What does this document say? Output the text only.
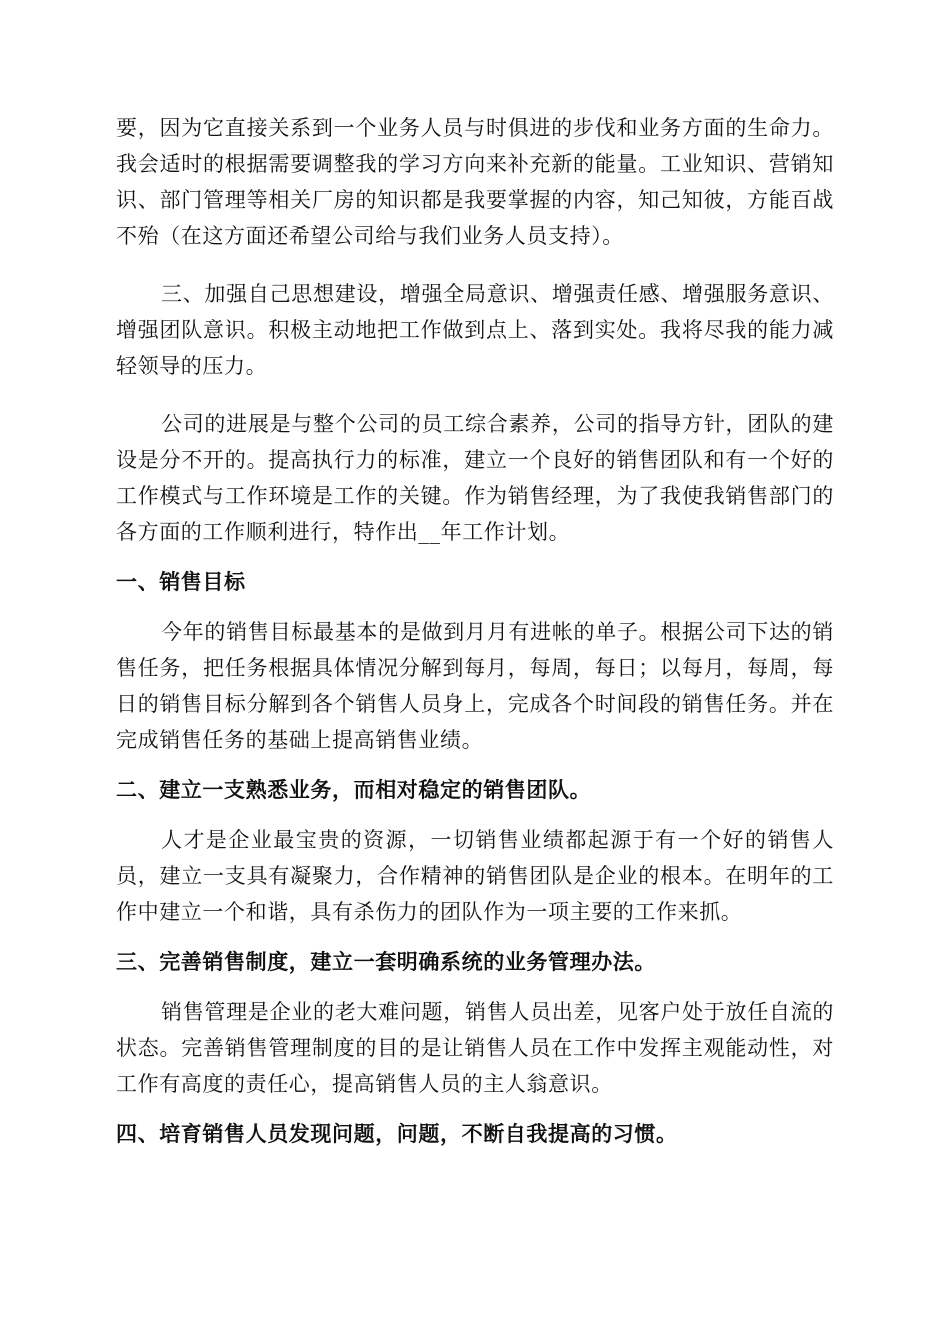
要，因为它直接关系到一个业务人员与时俱进的步伐和业务方面的生命力。我会适时的根据需要调整我的学习方向来补充新的能量。工业知识、营销知识、部门管理等相关厂房的知识都是我要掌握的内容，知己知彼，方能百战不殆（在这方面还希望公司给与我们业务人员支持）。

三、加强自己思想建设，增强全局意识、增强责任感、增强服务意识、增强团队意识。积极主动地把工作做到点上、落到实处。我将尽我的能力减轻领导的压力。

公司的进展是与整个公司的员工综合素养，公司的指导方针，团队的建设是分不开的。提高执行力的标准，建立一个良好的销售团队和有一个好的工作模式与工作环境是工作的关键。作为销售经理，为了我使我销售部门的各方面的工作顺利进行，特作出__年工作计划。

一、销售目标

今年的销售目标最基本的是做到月月有进帐的单子。根据公司下达的销售任务，把任务根据具体情况分解到每月，每周，每日；以每月，每周，每日的销售目标分解到各个销售人员身上，完成各个时间段的销售任务。并在完成销售任务的基础上提高销售业绩。

二、建立一支熟悉业务，而相对稳定的销售团队。

人才是企业最宝贵的资源，一切销售业绩都起源于有一个好的销售人员，建立一支具有凝聚力，合作精神的销售团队是企业的根本。在明年的工作中建立一个和谐，具有杀伤力的团队作为一项主要的工作来抓。

三、完善销售制度，建立一套明确系统的业务管理办法。

销售管理是企业的老大难问题，销售人员出差，见客户处于放任自流的状态。完善销售管理制度的目的是让销售人员在工作中发挥主观能动性，对工作有高度的责任心，提高销售人员的主人翁意识。

四、培育销售人员发现问题，问题，不断自我提高的习惯。
